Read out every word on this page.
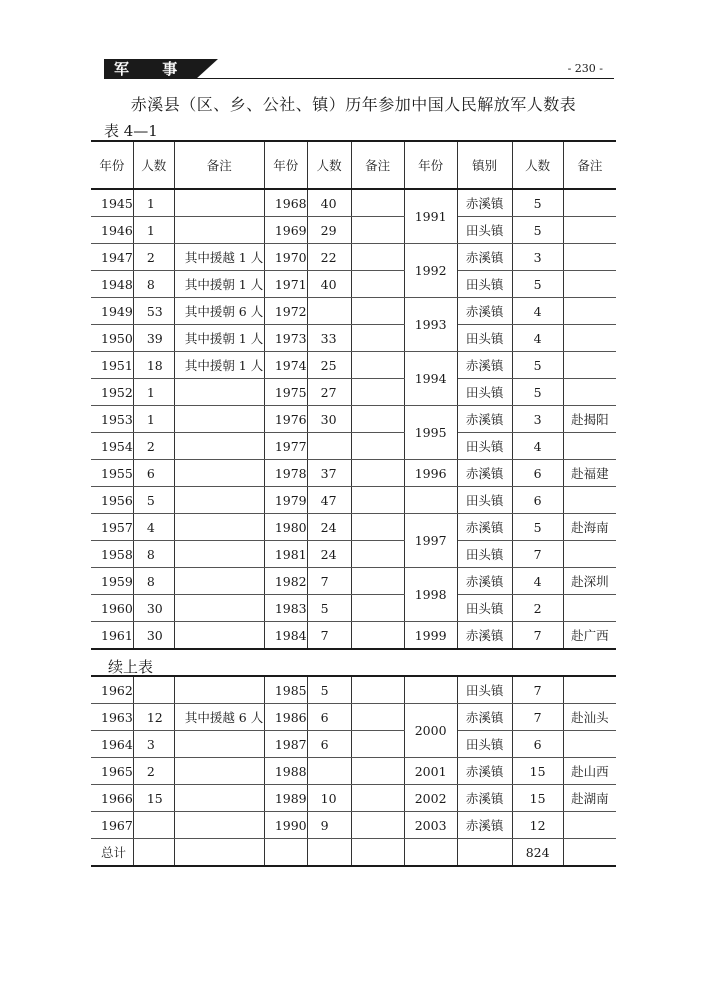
军 事	- 230 -
赤溪县（区、乡、公社、镇）历年参加中国人民解放军人数表
表 4—1
年份	人数	备注	年份	人数	备注	年份	镇别	人数	备注
1945	1		1968	40		1991	赤溪镇	5	
1946	1		1969	29			田头镇	5	
1947	2	其中援越 1 人	1970	22		1992	赤溪镇	3	
1948	8	其中援朝 1 人	1971	40			田头镇	5	
1949	53	其中援朝 6 人	1972			1993	赤溪镇	4	
1950	39	其中援朝 1 人	1973	33			田头镇	4	
1951	18	其中援朝 1 人	1974	25		1994	赤溪镇	5	
1952	1		1975	27			田头镇	5	
1953	1		1976	30		1995	赤溪镇	3	赴揭阳
1954	2		1977				田头镇	4	
1955	6		1978	37		1996	赤溪镇	6	赴福建
1956	5		1979	47			田头镇	6	
1957	4		1980	24		1997	赤溪镇	5	赴海南
1958	8		1981	24			田头镇	7	
1959	8		1982	7		1998	赤溪镇	4	赴深圳
1960	30		1983	5			田头镇	2	
1961	30		1984	7		1999	赤溪镇	7	赴广西
续上表
1962			1985	5			田头镇	7	
1963	12	其中援越 6 人	1986	6		2000	赤溪镇	7	赴汕头
1964	3		1987	6			田头镇	6	
1965	2		1988			2001	赤溪镇	15	赴山西
1966	15		1989	10		2002	赤溪镇	15	赴湖南
1967			1990	9		2003	赤溪镇	12	
总计								824	
